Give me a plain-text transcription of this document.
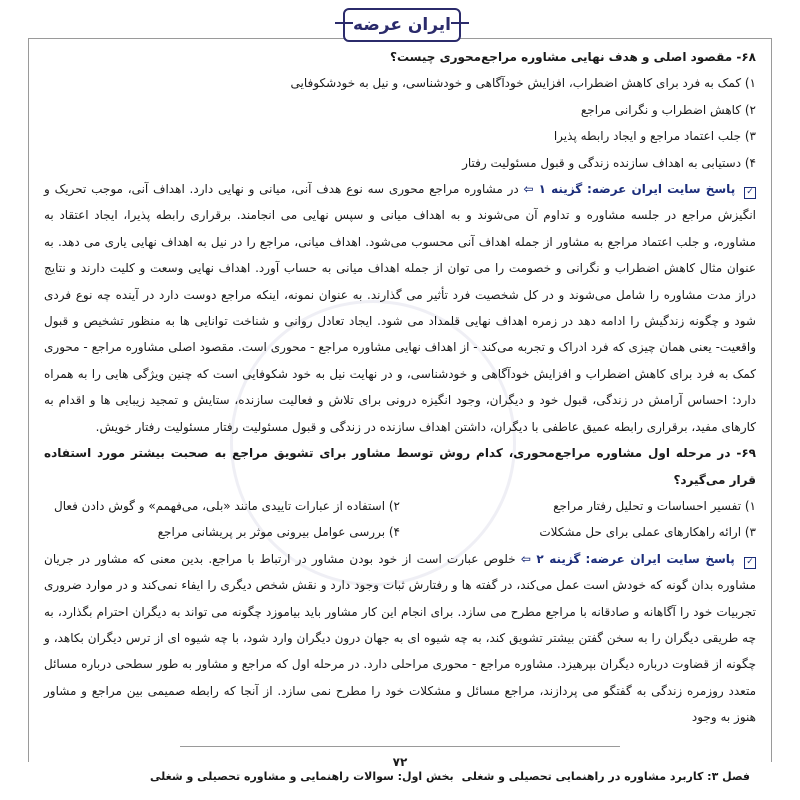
ایران عرضه

۶۸- مقصود اصلی و هدف نهایی مشاوره مراجع‌محوری چیست؟

۱) کمک به فرد برای کاهش اضطراب، افزایش خودآگاهی و خودشناسی، و نیل به خودشکوفایی

۲) کاهش اضطراب و نگرانی مراجع

۳) جلب اعتماد مراجع و ایجاد رابطه پذیرا

۴) دستیابی به اهداف سازنده زندگی و قبول مسئولیت رفتار

✓ پاسخ سایت ایران عرضه: گزینه ۱ ⇦ در مشاوره مراجع محوری سه نوع هدف آنی، میانی و نهایی دارد. اهداف آنی، موجب تحریک و انگیزش مراجع در جلسه مشاوره و تداوم آن می‌شوند و به اهداف میانی و سپس نهایی می انجامند. برقراری رابطه پذیرا، ایجاد اعتقاد به مشاوره، و جلب اعتماد مراجع به مشاور از جمله اهداف آنی محسوب می‌شود. اهداف میانی، مراجع را در نیل به اهداف نهایی یاری می دهد. به عنوان مثال کاهش اضطراب و نگرانی و خصومت را می توان از جمله اهداف میانی به حساب آورد. اهداف نهایی وسعت و کلیت دارند و نتایج دراز مدت مشاوره را شامل می‌شوند و در کل شخصیت فرد تأثیر می گذارند. به عنوان نمونه، اینکه مراجع دوست دارد در آینده چه نوع فردی شود و چگونه زندگیش را ادامه دهد در زمره اهداف نهایی قلمداد می شود. ایجاد تعادل روانی و شناخت توانایی ها به منظور تشخیص و قبول واقعیت- یعنی همان چیزی که فرد ادراک و تجربه می‌کند - از اهداف نهایی مشاوره مراجع - محوری است. مقصود اصلی مشاوره مراجع - محوری کمک به فرد برای کاهش اضطراب و افزایش خودآگاهی و خودشناسی، و در نهایت نیل به خود شکوفایی است که چنین ویژگی هایی را به همراه دارد: احساس آرامش در زندگی، قبول خود و دیگران، وجود انگیزه درونی برای تلاش و فعالیت سازنده، ستایش و تمجید زیبایی ها و اقدام به کارهای مفید، برقراری رابطه عمیق عاطفی با دیگران، داشتن اهداف سازنده در زندگی و قبول مسئولیت رفتار مسئولیت رفتار خویش.

۶۹- در مرحله اول مشاوره مراجع‌محوری، کدام روش توسط مشاور برای تشویق مراجع به صحبت بیشتر مورد استفاده قرار می‌گیرد؟

۱) تفسیر احساسات و تحلیل رفتار مراجع
۲) استفاده از عبارات تاییدی مانند «بلی، می‌فهمم» و گوش دادن فعال
۳) ارائه راهکارهای عملی برای حل مشکلات
۴) بررسی عوامل بیرونی موثر بر پریشانی مراجع

✓ پاسخ سایت ایران عرضه: گزینه ۲ ⇦ خلوص عبارت است از خود بودن مشاور در ارتباط با مراجع. بدین معنی که مشاور در جریان مشاوره بدان گونه که خودش است عمل می‌کند، در گفته ها و رفتارش ثبات وجود دارد و نقش شخص دیگری را ایفاء نمی‌کند و در موارد ضروری تجربیات خود را آگاهانه و صادقانه با مراجع مطرح می سازد. برای انجام این کار مشاور باید بیاموزد چگونه می تواند به دیگران احترام بگذارد، به چه طریقی دیگران را به سخن گفتن بیشتر تشویق کند، به چه شیوه ای به جهان درون دیگران وارد شود، با چه شیوه ای از ترس دیگران بکاهد، و چگونه از قضاوت درباره دیگران بپرهیزد. مشاوره مراجع - محوری مراحلی دارد. در مرحله اول که مراجع و مشاور به طور سطحی درباره مسائل متعدد روزمره زندگی به گفتگو می پردازند، مراجع مسائل و مشکلات خود را مطرح نمی سازد. از آنجا که رابطه صمیمی بین مراجع و مشاور هنوز به وجود

۷۲
فصل ۳: کاربرد مشاوره در راهنمایی تحصیلی و شغلی
بخش اول: سوالات راهنمایی و مشاوره تحصیلی و شغلی
